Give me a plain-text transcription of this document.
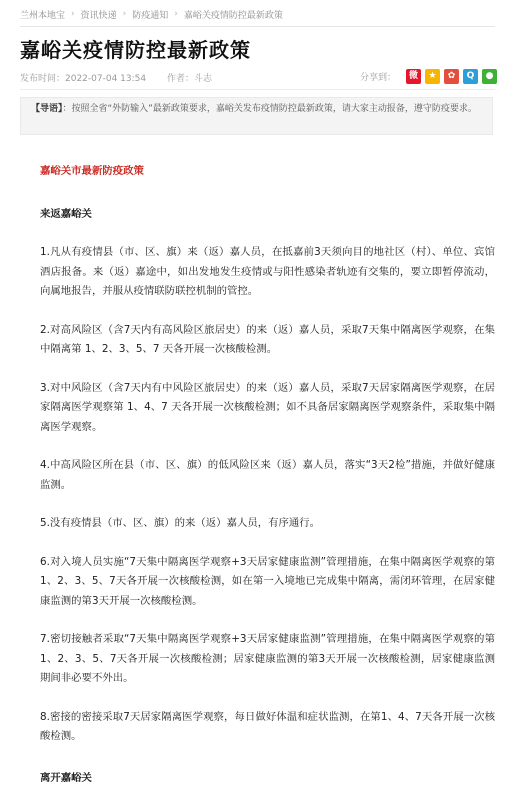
兰州本地宝 › 资讯快递 › 防疫通知 › 嘉峪关疫情防控最新政策
嘉峪关疫情防控最新政策
发布时间：2022-07-04 13:54 作者：斗志	分享到：	微	★	✿	Q	●
【导语】：按照全省“外防输入”最新政策要求，嘉峪关发布疫情防控最新政策，请大家主动报备，遵守防疫要求。

嘉峪关市最新防疫政策

来返嘉峪关

1.凡从有疫情县（市、区、旗）来（返）嘉人员，在抵嘉前3天须向目的地社区（村）、单位、宾馆酒店报备。来（返）嘉途中，如出发地发生疫情或与阳性感染者轨迹有交集的，要立即暂停流动，向属地报告，并服从疫情联防联控机制的管控。

2.对高风险区（含7天内有高风险区旅居史）的来（返）嘉人员，采取7天集中隔离医学观察，在集中隔离第 1、2、3、5、7 天各开展一次核酸检测。

3.对中风险区（含7天内有中风险区旅居史）的来（返）嘉人员，采取7天居家隔离医学观察，在居家隔离医学观察第 1、4、7 天各开展一次核酸检测；如不具备居家隔离医学观察条件，采取集中隔离医学观察。

4.中高风险区所在县（市、区、旗）的低风险区来（返）嘉人员，落实“3天2检”措施，并做好健康监测。

5.没有疫情县（市、区、旗）的来（返）嘉人员，有序通行。

6.对入境人员实施“7天集中隔离医学观察+3天居家健康监测”管理措施，在集中隔离医学观察的第1、2、3、5、7天各开展一次核酸检测，如在第一入境地已完成集中隔离，需闭环管理，在居家健康监测的第3天开展一次核酸检测。

7.密切接触者采取“7天集中隔离医学观察+3天居家健康监测”管理措施，在集中隔离医学观察的第1、2、3、5、7天各开展一次核酸检测；居家健康监测的第3天开展一次核酸检测，居家健康监测期间非必要不外出。

8.密接的密接采取7天居家隔离医学观察，每日做好体温和症状监测，在第1、4、7天各开展一次核酸检测。

离开嘉峪关
